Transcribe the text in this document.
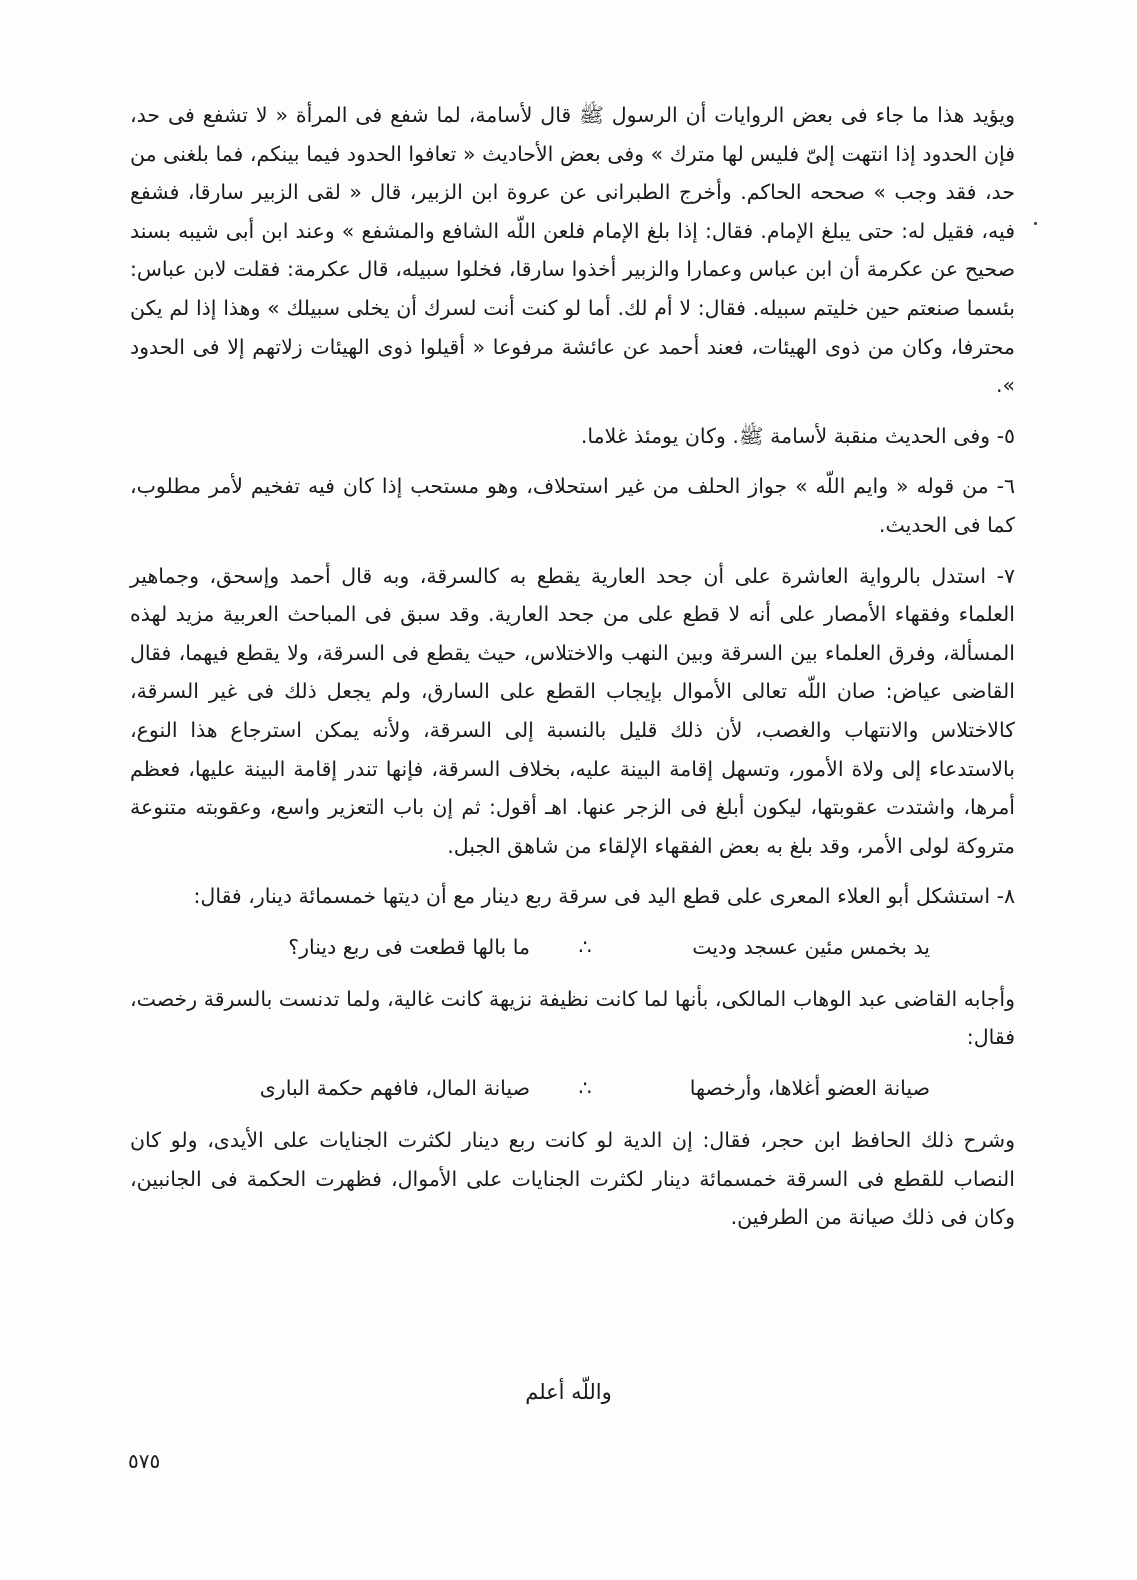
ويؤيد هذا ما جاء فى بعض الروايات أن الرسول ﷺ قال لأسامة، لما شفع فى المرأة « لا تشفع فى حد، فإن الحدود إذا انتهت إلىّ فليس لها مترك » وفى بعض الأحاديث « تعافوا الحدود فيما بينكم، فما بلغنى من حد، فقد وجب » صححه الحاكم. وأخرج الطبرانى عن عروة ابن الزبير، قال « لقى الزبير سارقا، فشفع فيه، فقيل له: حتى يبلغ الإمام. فقال: إذا بلغ الإمام فلعن اللّه الشافع والمشفع » وعند ابن أبى شيبه بسند صحيح عن عكرمة أن ابن عباس وعمارا والزبير أخذوا سارقا، فخلوا سبيله، قال عكرمة: فقلت لابن عباس: بئسما صنعتم حين خليتم سبيله. فقال: لا أم لك. أما لو كنت أنت لسرك أن يخلى سبيلك » وهذا إذا لم يكن محترفا، وكان من ذوى الهيئات، فعند أحمد عن عائشة مرفوعا « أقيلوا ذوى الهيئات زلاتهم إلا فى الحدود ».

٥- وفى الحديث منقبة لأسامة ﷺ. وكان يومئذ غلاما.

٦- من قوله « وايم اللّه » جواز الحلف من غير استحلاف، وهو مستحب إذا كان فيه تفخيم لأمر مطلوب، كما فى الحديث.

٧- استدل بالرواية العاشرة على أن جحد العارية يقطع به كالسرقة، وبه قال أحمد وإسحق، وجماهير العلماء وفقهاء الأمصار على أنه لا قطع على من جحد العارية. وقد سبق فى المباحث العربية مزيد لهذه المسألة، وفرق العلماء بين السرقة وبين النهب والاختلاس، حيث يقطع فى السرقة، ولا يقطع فيهما، فقال القاضى عياض: صان اللّه تعالى الأموال بإيجاب القطع على السارق، ولم يجعل ذلك فى غير السرقة، كالاختلاس والانتهاب والغصب، لأن ذلك قليل بالنسبة إلى السرقة، ولأنه يمكن استرجاع هذا النوع، بالاستدعاء إلى ولاة الأمور، وتسهل إقامة البينة عليه، بخلاف السرقة، فإنها تندر إقامة البينة عليها، فعظم أمرها، واشتدت عقوبتها، ليكون أبلغ فى الزجر عنها. اهـ أقول: ثم إن باب التعزير واسع، وعقوبته متنوعة متروكة لولى الأمر، وقد بلغ به بعض الفقهاء الإلقاء من شاهق الجبل.

٨- استشكل أبو العلاء المعرى على قطع اليد فى سرقة ربع دينار مع أن ديتها خمسمائة دينار، فقال:

يد بخمس مئين عسجد وديت
∴
ما بالها قطعت فى ربع دينار؟

وأجابه القاضى عبد الوهاب المالكى، بأنها لما كانت نظيفة نزيهة كانت غالية، ولما تدنست بالسرقة رخصت، فقال:

صيانة العضو أغلاها، وأرخصها
∴
صيانة المال، فافهم حكمة البارى

وشرح ذلك الحافظ ابن حجر، فقال: إن الدية لو كانت ربع دينار لكثرت الجنايات على الأيدى، ولو كان النصاب للقطع فى السرقة خمسمائة دينار لكثرت الجنايات على الأموال، فظهرت الحكمة فى الجانبين، وكان فى ذلك صيانة من الطرفين.

واللّه أعلم
٥٧٥
